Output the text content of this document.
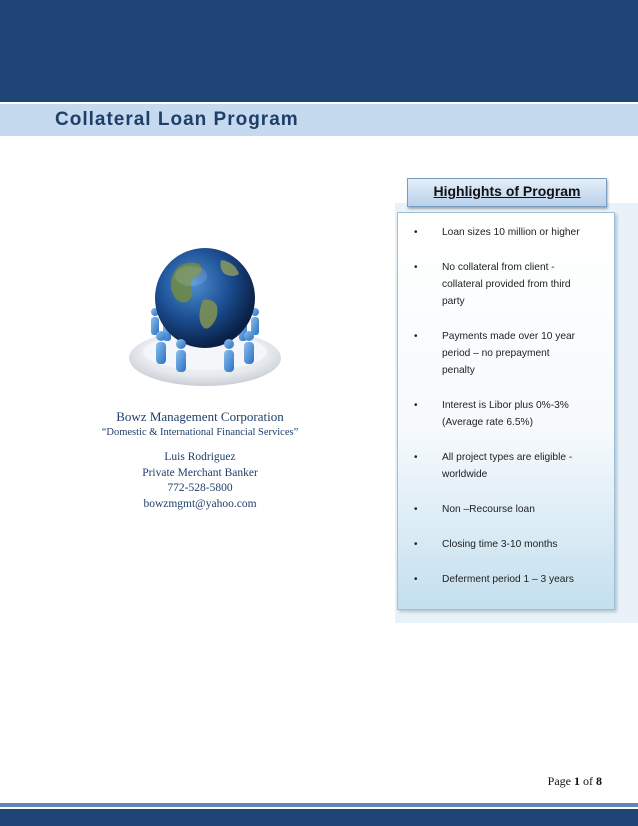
Collateral Loan Program
Highlights of Program
• Loan sizes 10 million or higher
• No collateral from client -
collateral provided from third
party
• Payments made over 10 year
period – no prepayment
penalty
• Interest is Libor plus 0%-3%
(Average rate 6.5%)
• All project types are eligible -
worldwide
• Non –Recourse loan
• Closing time 3-10 months
• Deferment period 1 – 3 years
Bowz Management Corporation
“Domestic & International Financial Services”
Luis Rodriguez
Private Merchant Banker
772-528-5800
bowzmgmt@yahoo.com
Page 1 of 8
